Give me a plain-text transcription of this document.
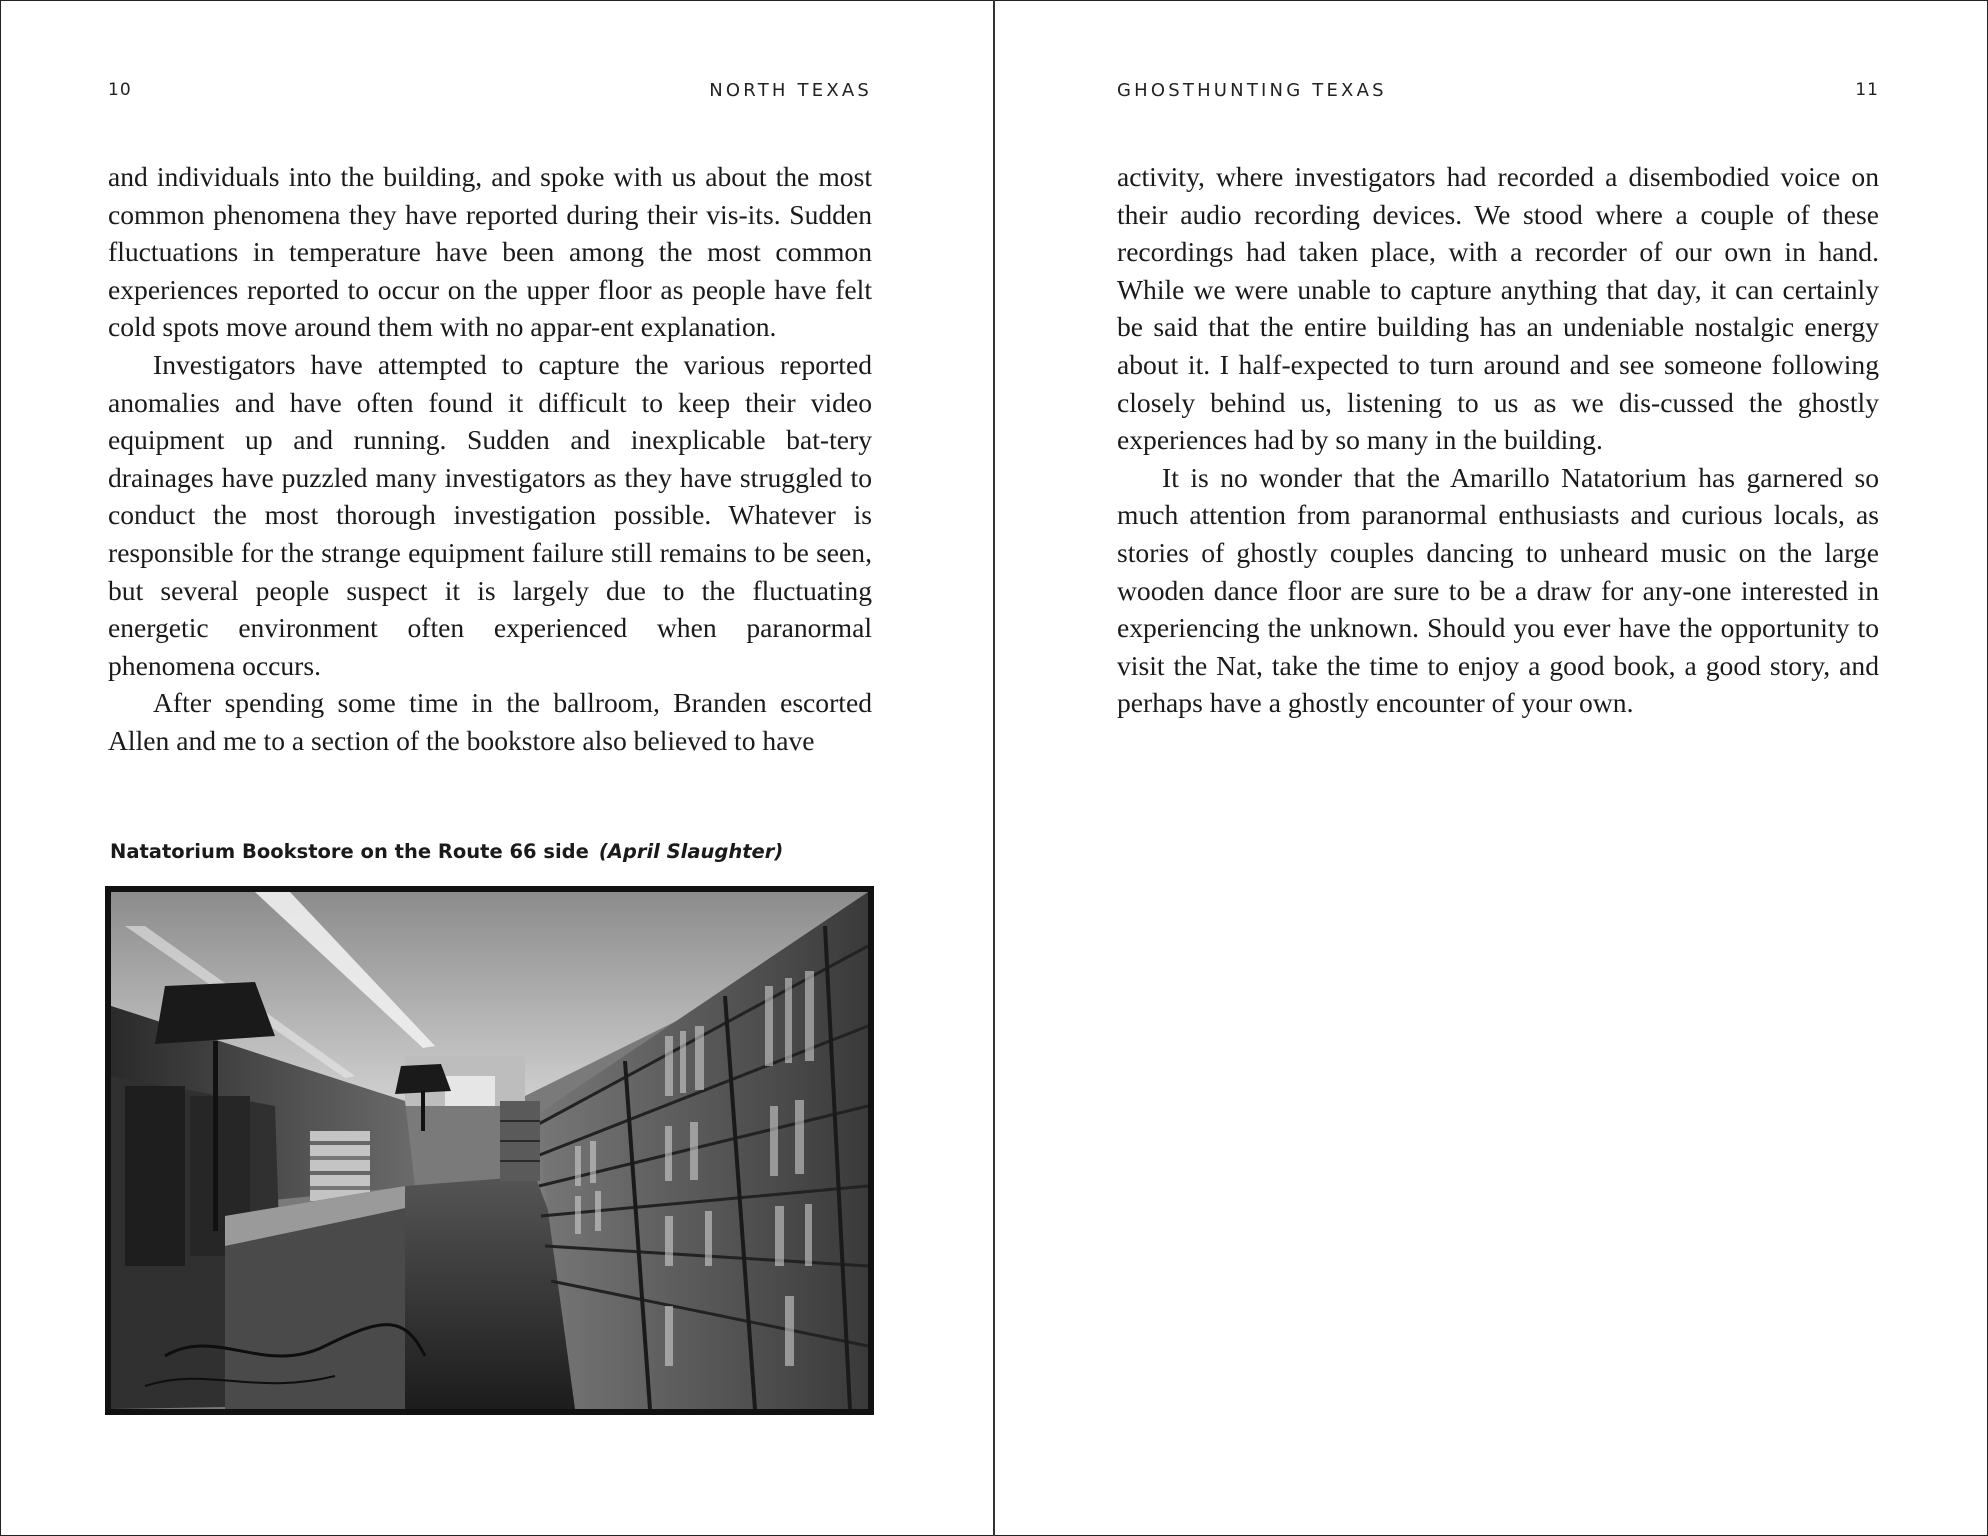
10	NORTH TEXAS

and individuals into the building, and spoke with us about the most common phenomena they have reported during their vis-its. Sudden fluctuations in temperature have been among the most common experiences reported to occur on the upper floor as people have felt cold spots move around them with no appar-ent explanation.

Investigators have attempted to capture the various reported anomalies and have often found it difficult to keep their video equipment up and running. Sudden and inexplicable bat-tery drainages have puzzled many investigators as they have struggled to conduct the most thorough investigation possible. Whatever is responsible for the strange equipment failure still remains to be seen, but several people suspect it is largely due to the fluctuating energetic environment often experienced when paranormal phenomena occurs.

After spending some time in the ballroom, Branden escorted Allen and me to a section of the bookstore also believed to have

Natatorium Bookstore on the Route 66 side (April Slaughter)
GHOSTHUNTING TEXAS	11

activity, where investigators had recorded a disembodied voice on their audio recording devices. We stood where a couple of these recordings had taken place, with a recorder of our own in hand. While we were unable to capture anything that day, it can certainly be said that the entire building has an undeniable nostalgic energy about it. I half-expected to turn around and see someone following closely behind us, listening to us as we dis-cussed the ghostly experiences had by so many in the building.

It is no wonder that the Amarillo Natatorium has garnered so much attention from paranormal enthusiasts and curious locals, as stories of ghostly couples dancing to unheard music on the large wooden dance floor are sure to be a draw for any-one interested in experiencing the unknown. Should you ever have the opportunity to visit the Nat, take the time to enjoy a good book, a good story, and perhaps have a ghostly encounter of your own.
